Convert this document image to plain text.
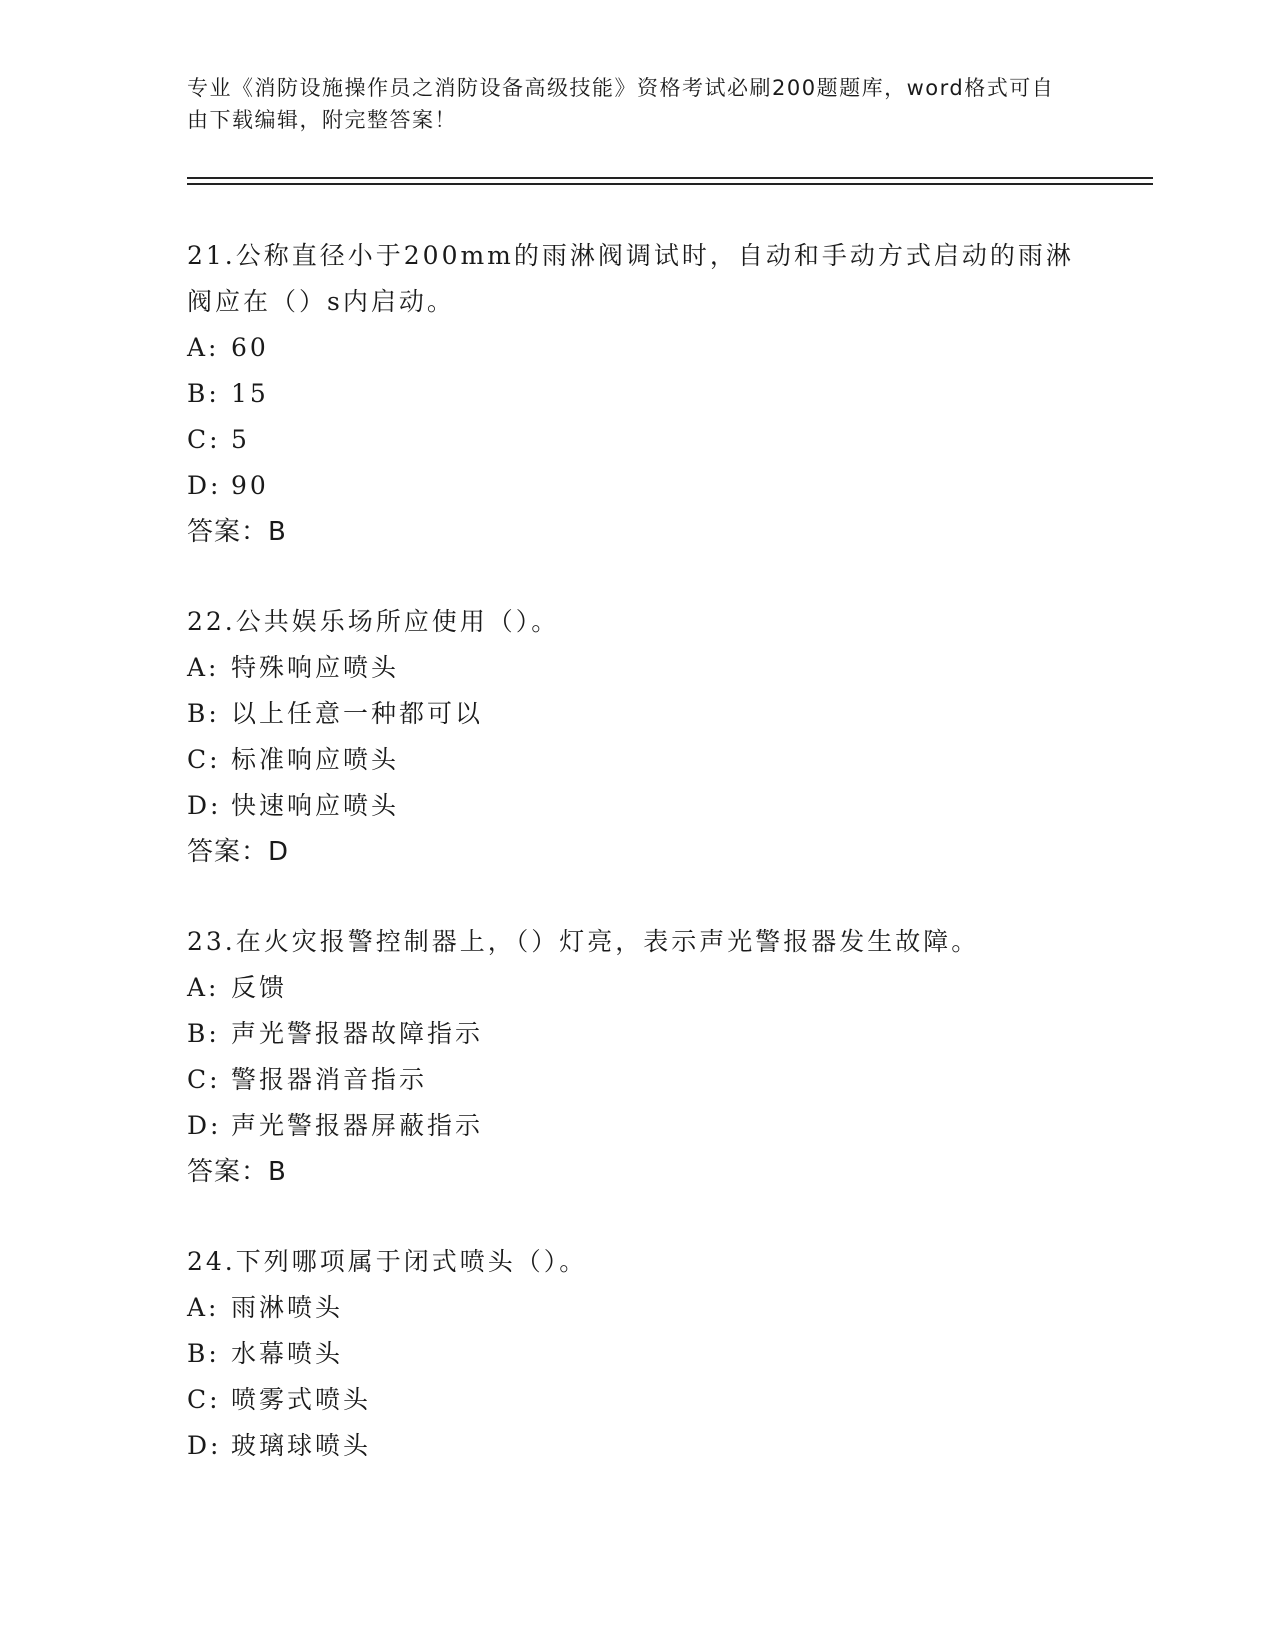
专业《消防设施操作员之消防设备高级技能》资格考试必刷200题题库，word格式可自由下载编辑，附完整答案！

21.公称直径小于200mm的雨淋阀调试时，自动和手动方式启动的雨淋阀应在（）s内启动。

A: 60

B: 15

C: 5

D: 90

答案：B

22.公共娱乐场所应使用（）。

A: 特殊响应喷头

B: 以上任意一种都可以

C: 标准响应喷头

D: 快速响应喷头

答案：D

23.在火灾报警控制器上，（）灯亮，表示声光警报器发生故障。

A: 反馈

B: 声光警报器故障指示

C: 警报器消音指示

D: 声光警报器屏蔽指示

答案：B

24.下列哪项属于闭式喷头（）。

A: 雨淋喷头

B: 水幕喷头

C: 喷雾式喷头

D: 玻璃球喷头
